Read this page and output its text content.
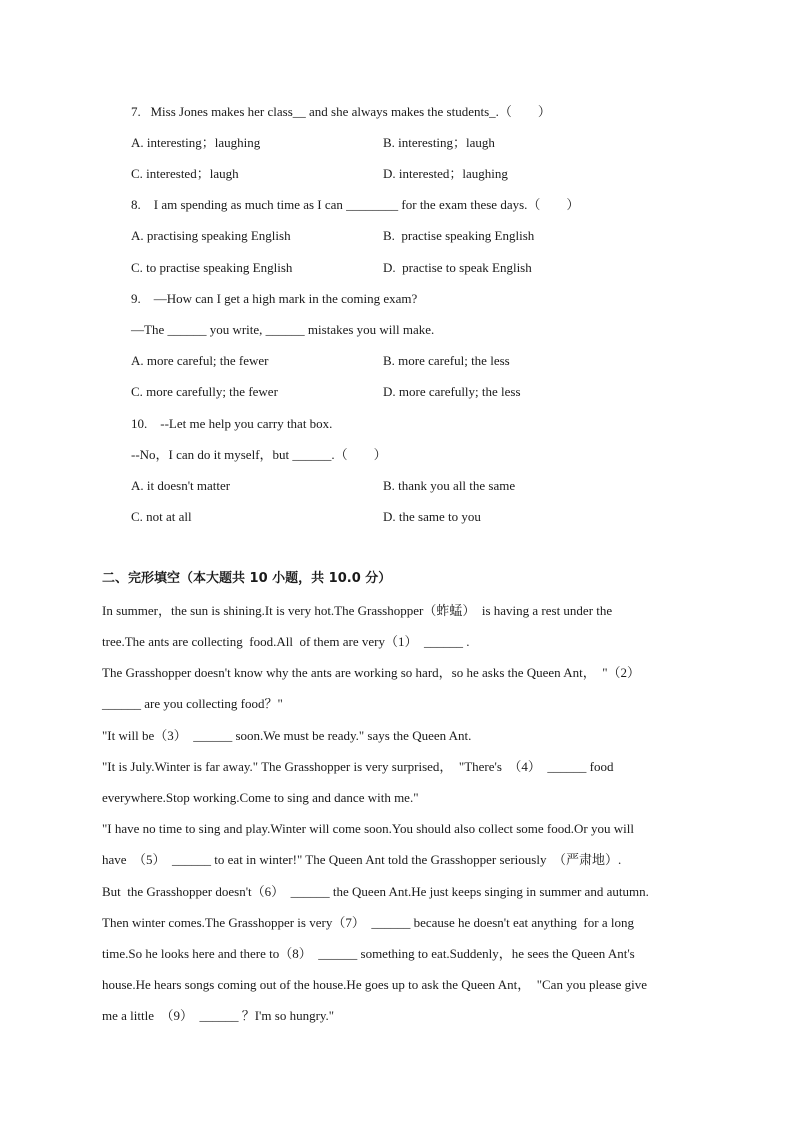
7.   Miss Jones makes her class__ and she always makes the students_.（        ）
A. interesting；laughing	B. interesting；laugh
C. interested；laugh	D. interested；laughing
8.    I am spending as much time as I can ________ for the exam these days.（        ）
A. practising speaking English	B.  practise speaking English
C. to practise speaking English	D.  practise to speak English
9.    —How can I get a high mark in the coming exam?
—The ______ you write, ______ mistakes you will make.
A. more careful; the fewer	B. more careful; the less
C. more carefully; the fewer	D. more carefully; the less
10.    --Let me help you carry that box.
--No，I can do it myself，but ______.（        ）
A. it doesn't matter	B. thank you all the same
C. not at all	D. the same to you
二、完形填空（本大题共 10 小题，共 10.0 分）
In summer，the sun is shining.It is very hot.The Grasshopper（蚱蜢）  is having a rest under the
tree.The ants are collecting  food.All  of them are very（1）  ______ .
The Grasshopper doesn't know why the ants are working so hard，so he asks the Queen Ant，  "（2）
______ are you collecting food？"
"It will be（3）  ______ soon.We must be ready." says the Queen Ant.
"It is July.Winter is far away." The Grasshopper is very surprised，  "There's  （4）  ______ food
everywhere.Stop working.Come to sing and dance with me."
"I have no time to sing and play.Winter will come soon.You should also collect some food.Or you will
have  （5）  ______ to eat in winter!" The Queen Ant told the Grasshopper seriously  （严肃地）.
But  the Grasshopper doesn't（6）  ______ the Queen Ant.He just keeps singing in summer and autumn.
Then winter comes.The Grasshopper is very（7）  ______ because he doesn't eat anything  for a long
time.So he looks here and there to（8）  ______ something to eat.Suddenly，he sees the Queen Ant's
house.He hears songs coming out of the house.He goes up to ask the Queen Ant，  "Can you please give
me a little  （9）  ______ ？I'm so hungry."
